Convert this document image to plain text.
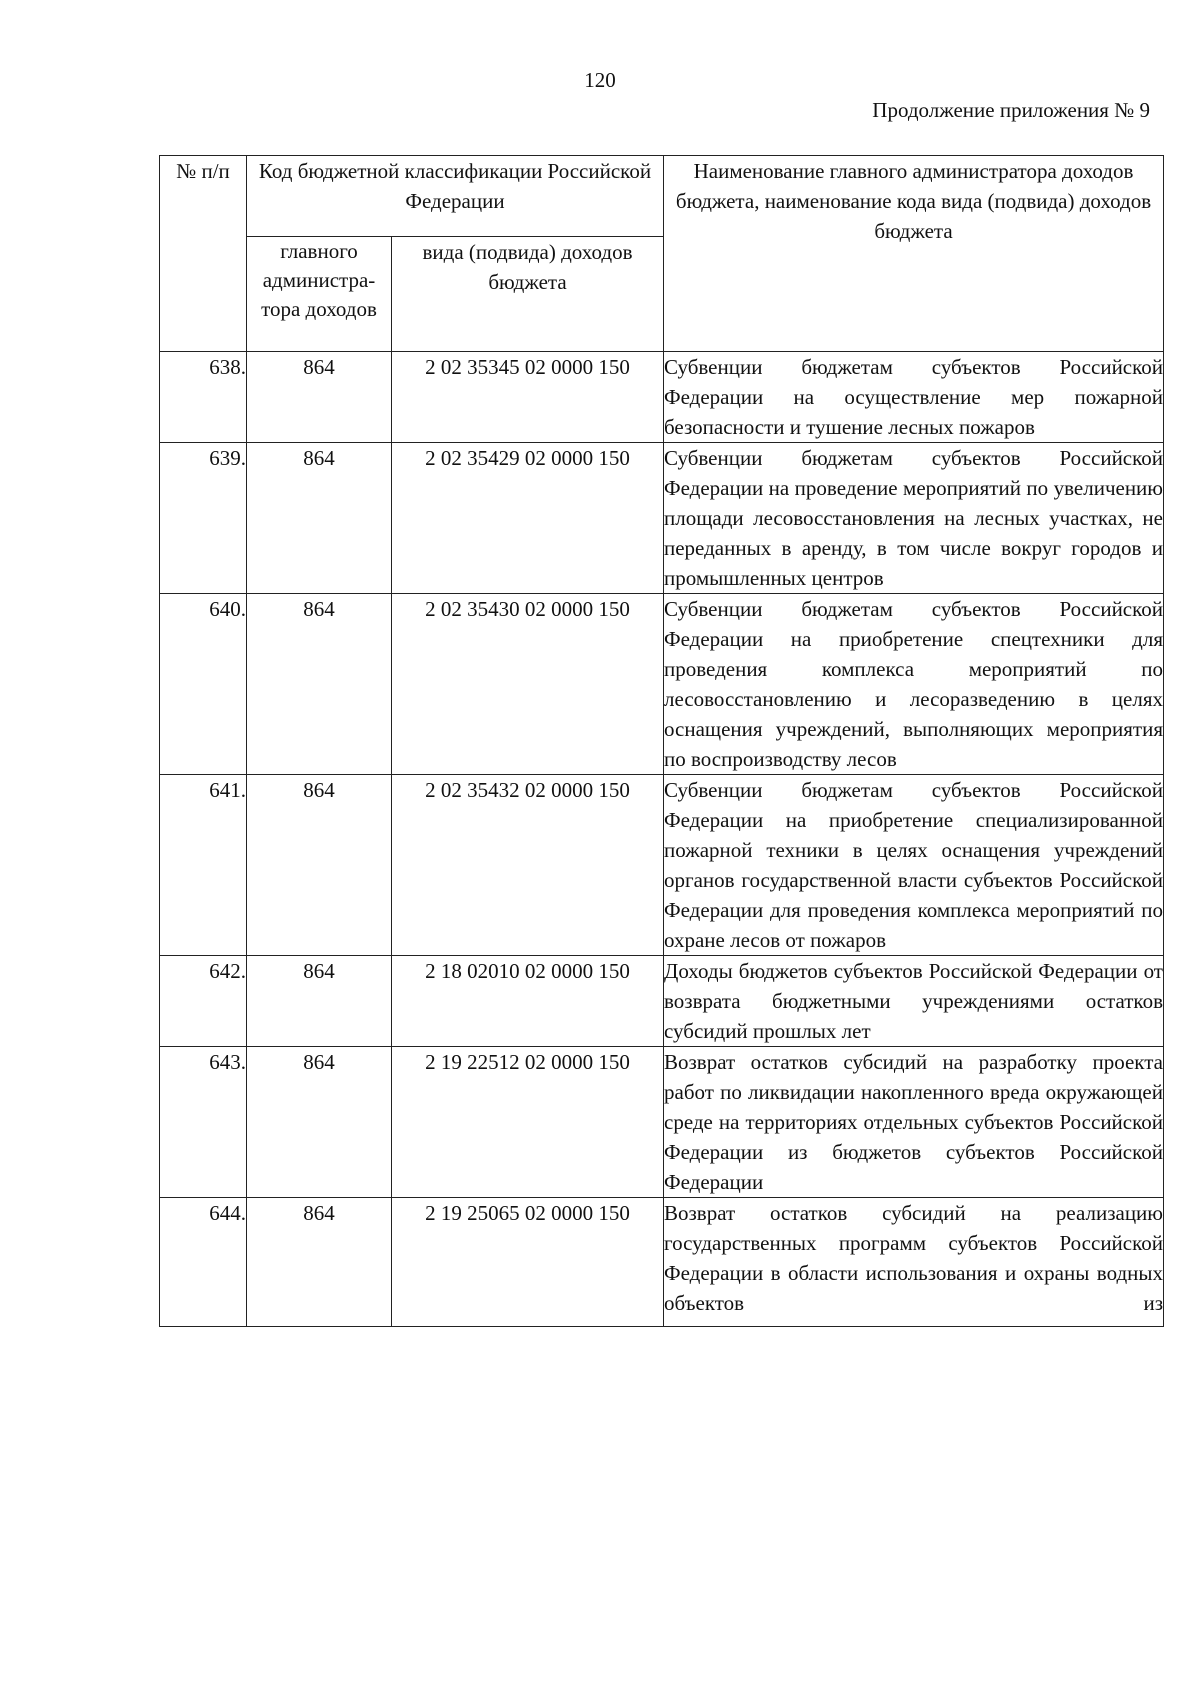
120
Продолжение приложения № 9
№ п/п	Код бюджетной классификации Российской Федерации		Наименование главного администратора доходов бюджета, наименование кода вида (подвида) доходов бюджета
	главного администра-тора доходов	вида (подвида) доходов бюджета	
638.	864	2 02 35345 02 0000 150	Субвенции бюджетам субъектов Российской Федерации на осуществление мер пожарной безопасности и тушение лесных пожаров
639.	864	2 02 35429 02 0000 150	Субвенции бюджетам субъектов Российской Федерации на проведение мероприятий по увеличению площади лесовосстановления на лесных участках, не переданных в аренду, в том числе вокруг городов и промышленных центров
640.	864	2 02 35430 02 0000 150	Субвенции бюджетам субъектов Российской Федерации на приобретение спецтехники для проведения комплекса мероприятий по лесовосстановлению и лесоразведению в целях оснащения учреждений, выполняющих мероприятия по воспроизводству лесов
641.	864	2 02 35432 02 0000 150	Субвенции бюджетам субъектов Российской Федерации на приобретение специализированной пожарной техники в целях оснащения учреждений органов государственной власти субъектов Российской Федерации для проведения комплекса мероприятий по охране лесов от пожаров
642.	864	2 18 02010 02 0000 150	Доходы бюджетов субъектов Российской Федерации от возврата бюджетными учреждениями остатков субсидий прошлых лет
643.	864	2 19 22512 02 0000 150	Возврат остатков субсидий на разработку проекта работ по ликвидации накопленного вреда окружающей среде на территориях отдельных субъектов Российской Федерации из бюджетов субъектов Российской Федерации
644.	864	2 19 25065 02 0000 150	Возврат остатков субсидий на реализацию государственных программ субъектов Российской Федерации в области использования и охраны водных объектов из
